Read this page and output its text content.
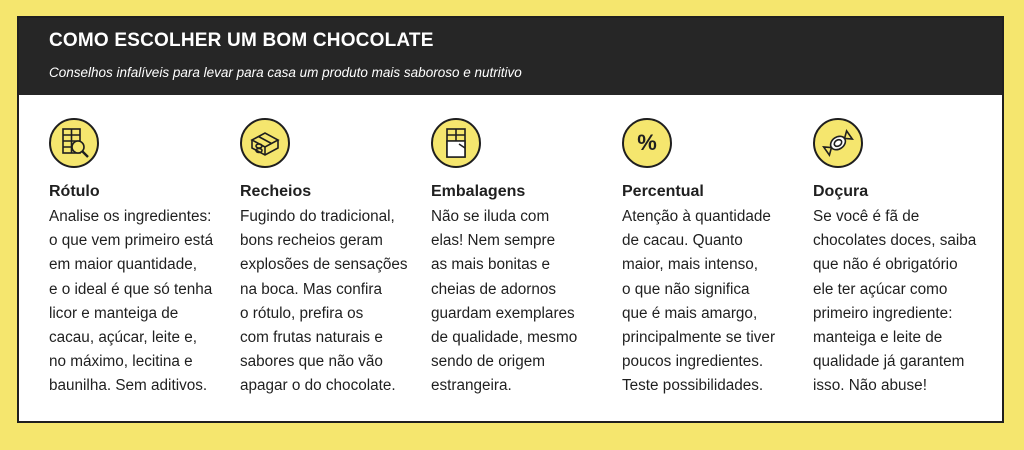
COMO ESCOLHER UM BOM CHOCOLATE
Conselhos infalíveis para levar para casa um produto mais saboroso e nutritivo
Rótulo
Analise os ingredientes:
o que vem primeiro está
em maior quantidade,
e o ideal é que só tenha
licor e manteiga de
cacau, açúcar, leite e,
no máximo, lecitina e
baunilha. Sem aditivos.
Recheios
Fugindo do tradicional,
bons recheios geram
explosões de sensações
na boca. Mas confira
o rótulo, prefira os
com frutas naturais e
sabores que não vão
apagar o do chocolate.
Embalagens
Não se iluda com
elas! Nem sempre
as mais bonitas e
cheias de adornos
guardam exemplares
de qualidade, mesmo
sendo de origem
estrangeira.
%
Percentual
Atenção à quantidade
de cacau. Quanto
maior, mais intenso,
o que não significa
que é mais amargo,
principalmente se tiver
poucos ingredientes.
Teste possibilidades.
Doçura
Se você é fã de
chocolates doces, saiba
que não é obrigatório
ele ter açúcar como
primeiro ingrediente:
manteiga e leite de
qualidade já garantem
isso. Não abuse!
